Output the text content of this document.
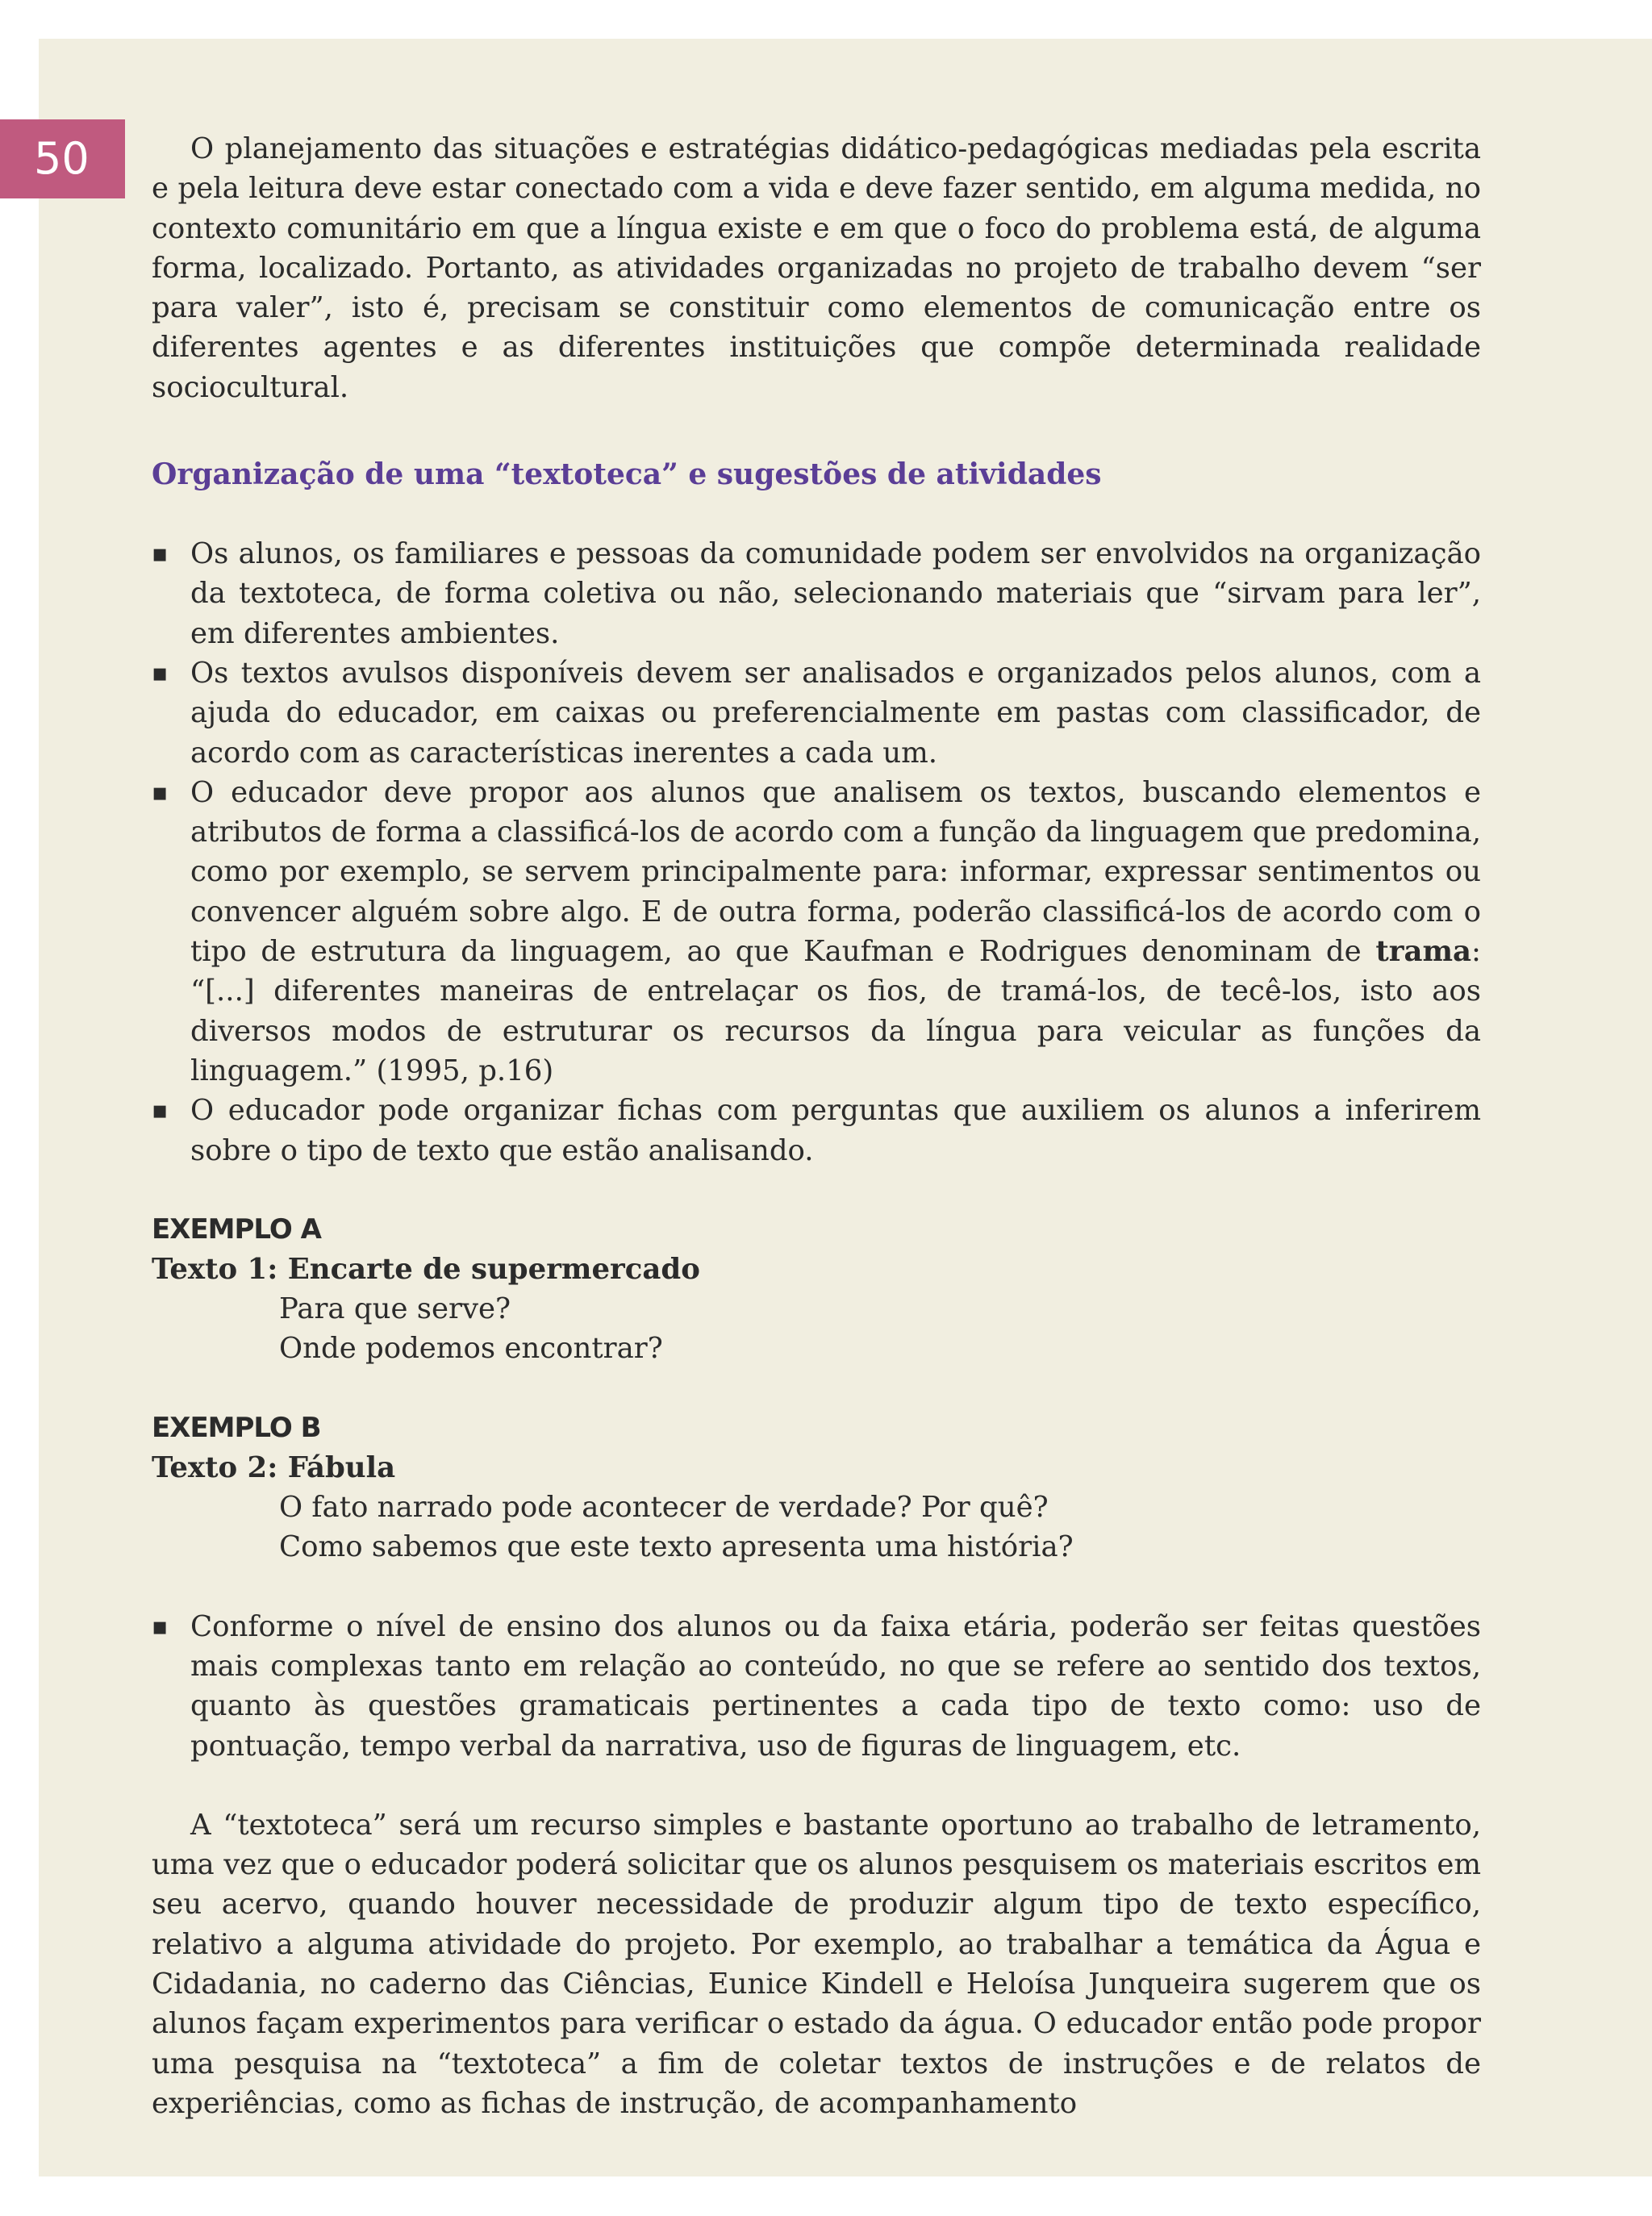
50	O planejamento das situações e estratégias didático-pedagógicas mediadas pela escrita e pela leitura deve estar conectado com a vida e deve fazer sentido, em alguma medida, no contexto comunitário em que a língua existe e em que o foco do problema está, de alguma forma, localizado. Portanto, as atividades organizadas no projeto de trabalho devem “ser para valer”, isto é, precisam se constituir como elementos de comunicação entre os diferentes agentes e as diferentes instituições que compõe determinada realidade sociocultural.

Organização de uma “textoteca” e sugestões de atividades
▪ Os alunos, os familiares e pessoas da comunidade podem ser envolvidos na organização da textoteca, de forma coletiva ou não, selecionando materiais que “sirvam para ler”, em diferentes ambientes.
▪ Os textos avulsos disponíveis devem ser analisados e organizados pelos alunos, com a ajuda do educador, em caixas ou preferencialmente em pastas com classificador, de acordo com as características inerentes a cada um.
▪ O educador deve propor aos alunos que analisem os textos, buscando elementos e atributos de forma a classificá-los de acordo com a função da linguagem que predomina, como por exemplo, se servem principalmente para: informar, expressar sentimentos ou convencer alguém sobre algo. E de outra forma, poderão classificá-los de acordo com o tipo de estrutura da linguagem, ao que Kaufman e Rodrigues denominam de trama: “[...] diferentes maneiras de entrelaçar os fios, de tramá-los, de tecê-los, isto aos diversos modos de estruturar os recursos da língua para veicular as funções da linguagem.” (1995, p.16)
▪ O educador pode organizar fichas com perguntas que auxiliem os alunos a inferirem sobre o tipo de texto que estão analisando.
EXEMPLO A
Texto 1: Encarte de supermercado
Para que serve?
Onde podemos encontrar?
EXEMPLO B
Texto 2: Fábula
O fato narrado pode acontecer de verdade? Por quê?
Como sabemos que este texto apresenta uma história?
▪ Conforme o nível de ensino dos alunos ou da faixa etária, poderão ser feitas questões mais complexas tanto em relação ao conteúdo, no que se refere ao sentido dos textos, quanto às questões gramaticais pertinentes a cada tipo de texto como: uso de pontuação, tempo verbal da narrativa, uso de figuras de linguagem, etc.

A “textoteca” será um recurso simples e bastante oportuno ao trabalho de letramento, uma vez que o educador poderá solicitar que os alunos pesquisem os materiais escritos em seu acervo, quando houver necessidade de produzir algum tipo de texto específico, relativo a alguma atividade do projeto. Por exemplo, ao trabalhar a temática da Água e Cidadania, no caderno das Ciências, Eunice Kindell e Heloísa Junqueira sugerem que os alunos façam experimentos para verificar o estado da água. O educador então pode propor uma pesquisa na “textoteca” a fim de coletar textos de instruções e de relatos de experiências, como as fichas de instrução, de acompanhamento
